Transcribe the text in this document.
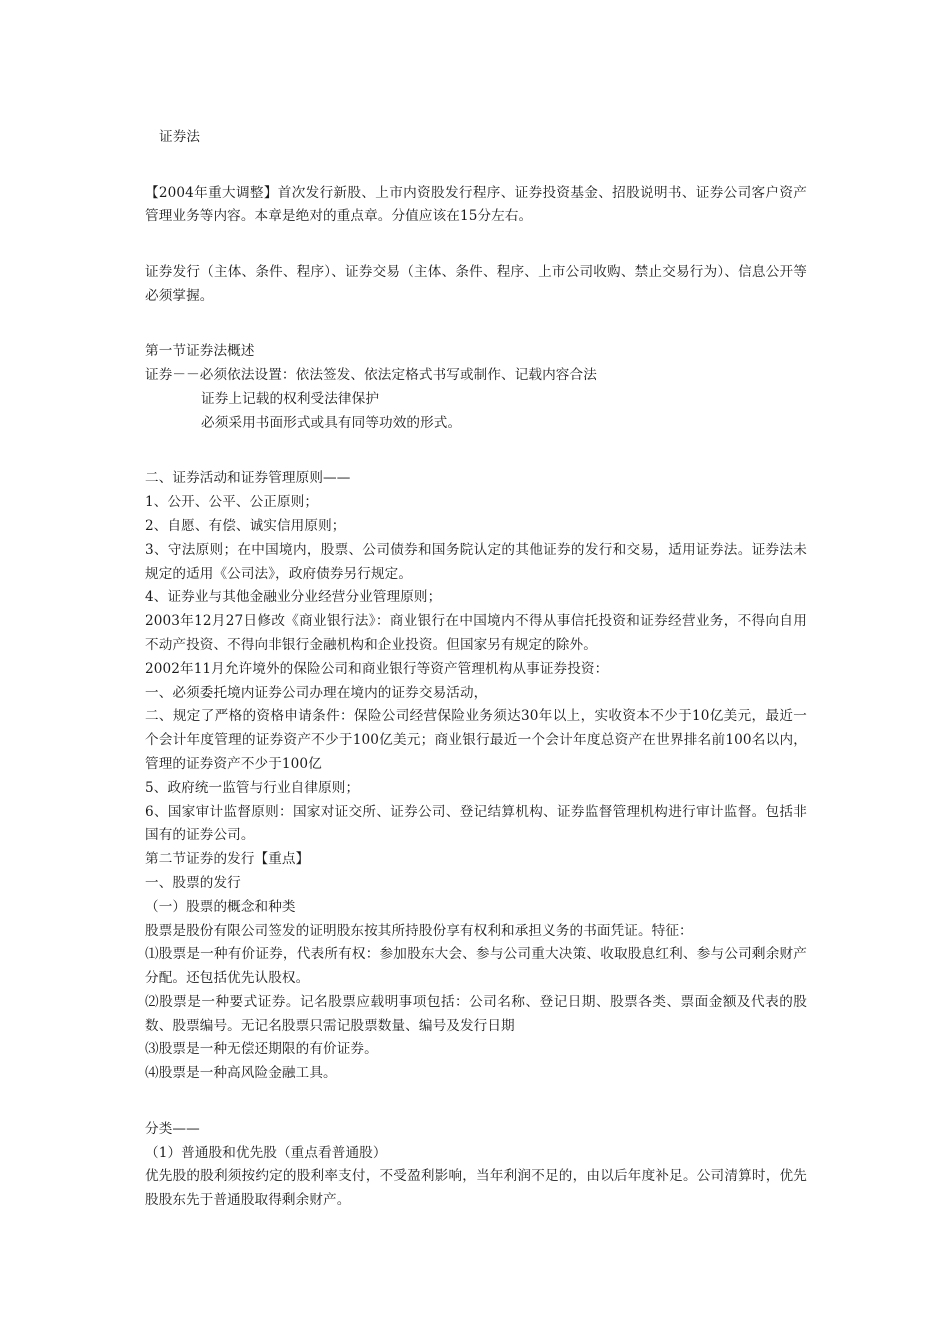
证券法

【2004年重大调整】首次发行新股、上市内资股发行程序、证券投资基金、招股说明书、证券公司客户资产管理业务等内容。本章是绝对的重点章。分值应该在15分左右。

证券发行（主体、条件、程序）、证券交易（主体、条件、程序、上市公司收购、禁止交易行为）、信息公开等必须掌握。

第一节证券法概述

证券－－必须依法设置：依法签发、依法定格式书写或制作、记载内容合法

证券上记载的权利受法律保护

必须采用书面形式或具有同等功效的形式。

二、证券活动和证券管理原则——

1、公开、公平、公正原则；

2、自愿、有偿、诚实信用原则；

3、守法原则；在中国境内，股票、公司债券和国务院认定的其他证券的发行和交易，适用证券法。证券法未规定的适用《公司法》，政府债券另行规定。

4、证券业与其他金融业分业经营分业管理原则；

2003年12月27日修改《商业银行法》：商业银行在中国境内不得从事信托投资和证券经营业务，不得向自用不动产投资、不得向非银行金融机构和企业投资。但国家另有规定的除外。

2002年11月允许境外的保险公司和商业银行等资产管理机构从事证券投资：

一、必须委托境内证券公司办理在境内的证券交易活动，

二、规定了严格的资格申请条件：保险公司经营保险业务须达30年以上，实收资本不少于10亿美元，最近一个会计年度管理的证券资产不少于100亿美元；商业银行最近一个会计年度总资产在世界排名前100名以内，管理的证券资产不少于100亿

5、政府统一监管与行业自律原则；

6、国家审计监督原则：国家对证交所、证券公司、登记结算机构、证券监督管理机构进行审计监督。包括非国有的证券公司。

第二节证券的发行【重点】

一、股票的发行

（一）股票的概念和种类

股票是股份有限公司签发的证明股东按其所持股份享有权利和承担义务的书面凭证。特征：

⑴股票是一种有价证券，代表所有权：参加股东大会、参与公司重大决策、收取股息红利、参与公司剩余财产分配。还包括优先认股权。

⑵股票是一种要式证券。记名股票应载明事项包括：公司名称、登记日期、股票各类、票面金额及代表的股数、股票编号。无记名股票只需记股票数量、编号及发行日期

⑶股票是一种无偿还期限的有价证券。

⑷股票是一种高风险金融工具。

分类——

（1）普通股和优先股（重点看普通股）

优先股的股利须按约定的股利率支付，不受盈利影响，当年利润不足的，由以后年度补足。公司清算时，优先股股东先于普通股取得剩余财产。
